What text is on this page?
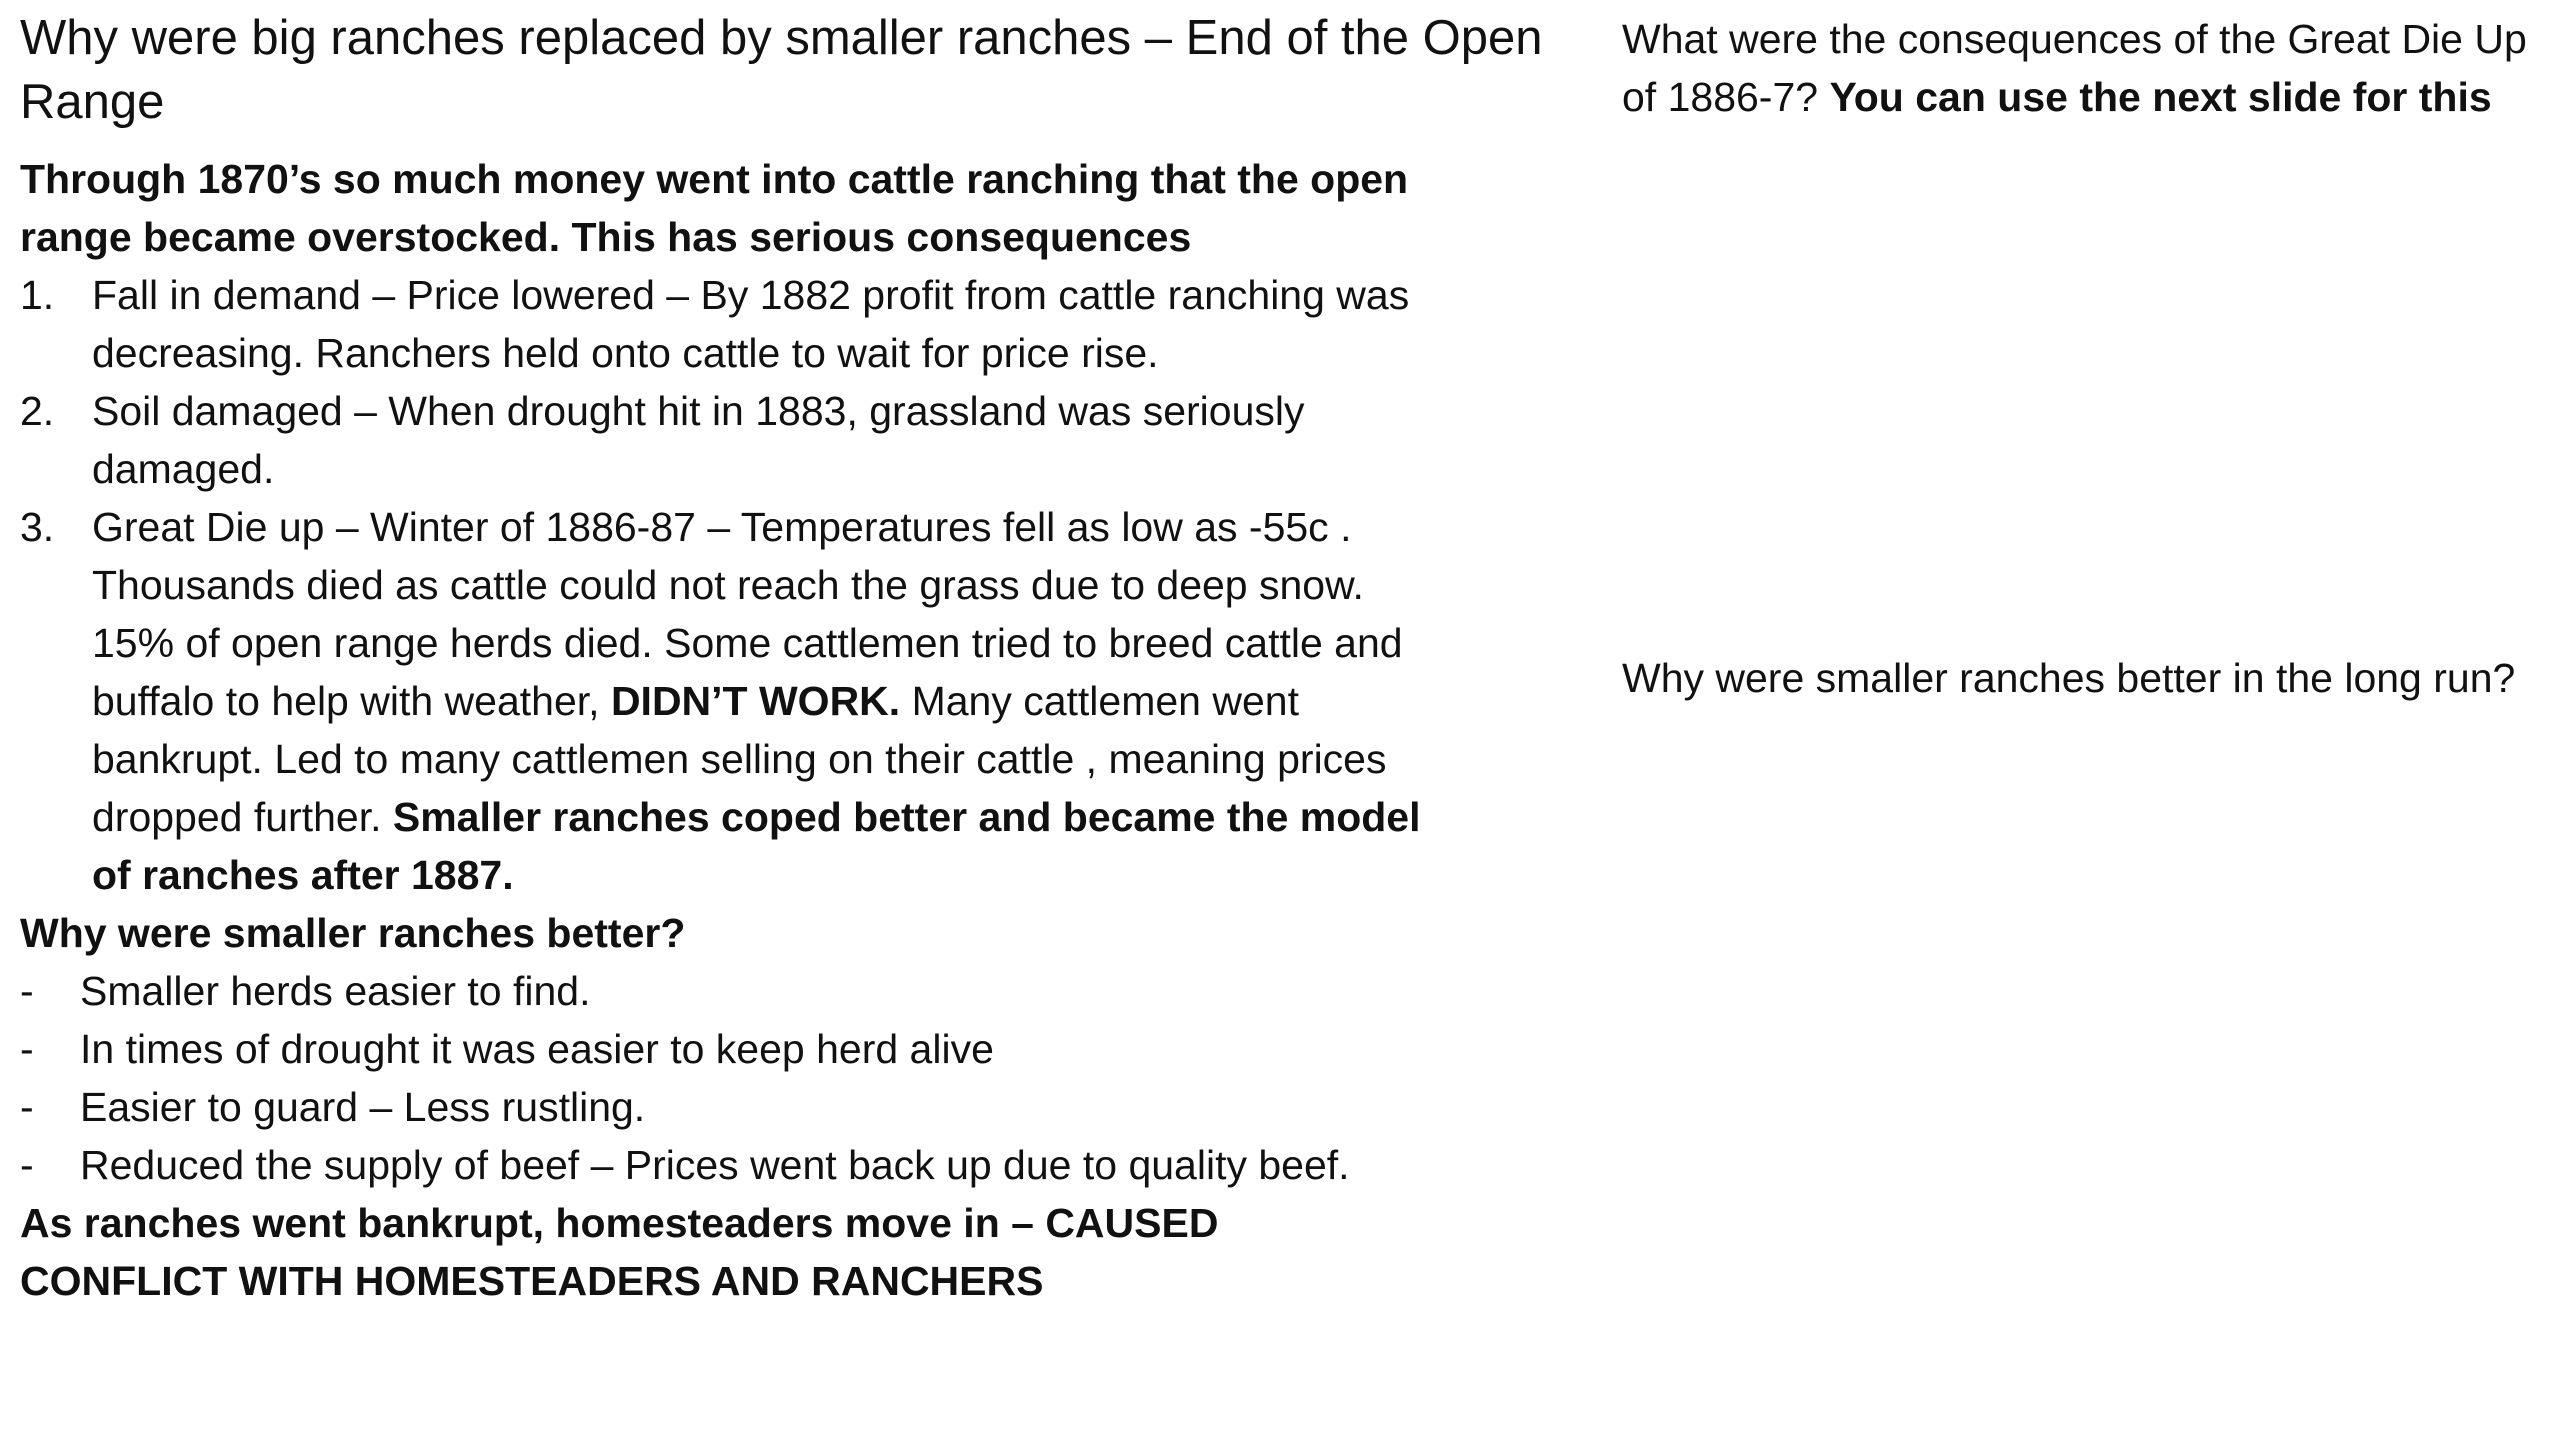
Why were big ranches replaced by smaller ranches – End of the Open Range
Through 1870’s so much money went into cattle ranching that the open range became overstocked. This has serious consequences
1. Fall in demand – Price lowered – By 1882 profit from cattle ranching was decreasing. Ranchers held onto cattle to wait for price rise.
2. Soil damaged – When drought hit in 1883, grassland was seriously damaged.
3. Great Die up – Winter of 1886-87 – Temperatures fell as low as -55c . Thousands died as cattle could not reach the grass due to deep snow. 15% of open range herds died. Some cattlemen tried to breed cattle and buffalo to help with weather, DIDN’T WORK. Many cattlemen went bankrupt. Led to many cattlemen selling on their cattle , meaning prices dropped further. Smaller ranches coped better and became the model of ranches after 1887.
Why were smaller ranches better?
- Smaller herds easier to find.
- In times of drought it was easier to keep herd alive
- Easier to guard – Less rustling.
- Reduced the supply of beef – Prices went back up due to quality beef.
As ranches went bankrupt, homesteaders move in – CAUSED CONFLICT WITH HOMESTEADERS AND RANCHERS

What were the consequences of the Great Die Up of 1886-7? You can use the next slide for this

Why were smaller ranches better in the long run?
